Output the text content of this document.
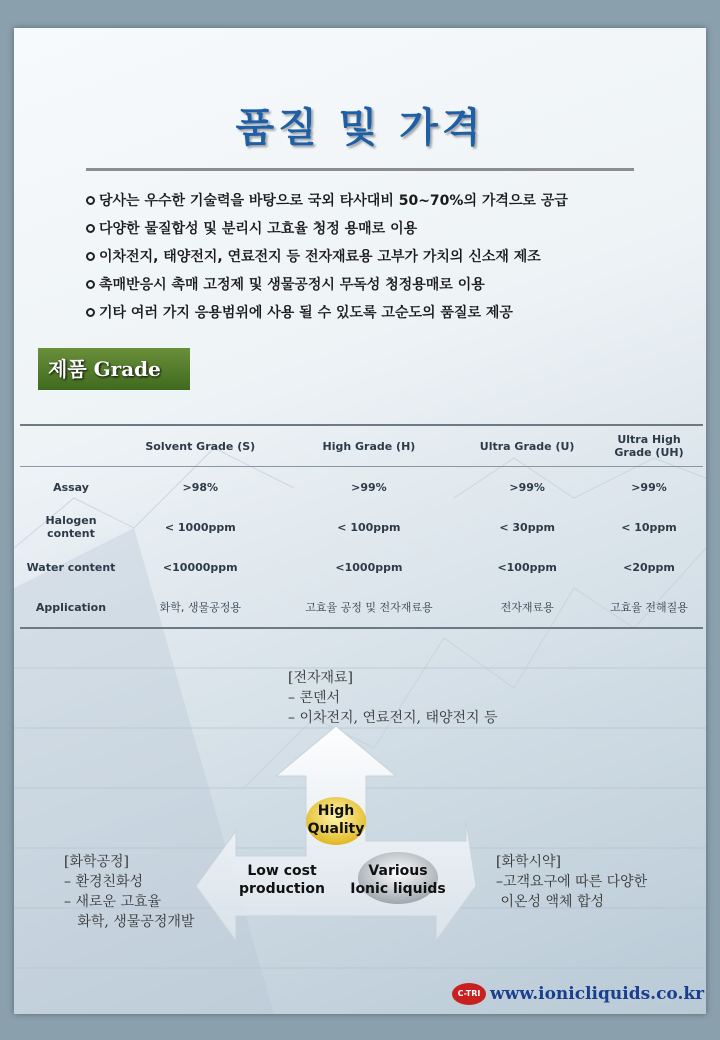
품질 및 가격
당사는 우수한 기술력을 바탕으로 국외 타사대비 50~70%의 가격으로 공급
다양한 물질합성 및 분리시 고효율 청정 용매로 이용
이차전지, 태양전지, 연료전지 등 전자재료용 고부가 가치의 신소재 제조
촉매반응시 촉매 고정제 및 생물공정시 무독성 청정용매로 이용
기타 여러 가지 응용범위에 사용 될 수 있도록 고순도의 품질로 제공
제품 Grade
	Solvent Grade (S)	High Grade (H)	Ultra Grade (U)	Ultra High Grade (UH)
Assay	>98%	>99%	>99%	>99%
Halogen content	< 1000ppm	< 100ppm	< 30ppm	< 10ppm
Water content	<10000ppm	<1000ppm	<100ppm	<20ppm
Application	화학, 생물공정용	고효율 공정 및 전자재료용	전자재료용	고효율 전해질용
[전자재료]
– 콘덴서
– 이차전지, 연료전지, 태양전지 등
[화학공정]
– 환경친화성
– 새로운 고효율
화학, 생물공정개발
[화학시약]
–고객요구에 따른 다양한
이온성 액체 합성
High Quality
Low cost production
Various Ionic liquids
C-TRI www.ionicliquids.co.kr
